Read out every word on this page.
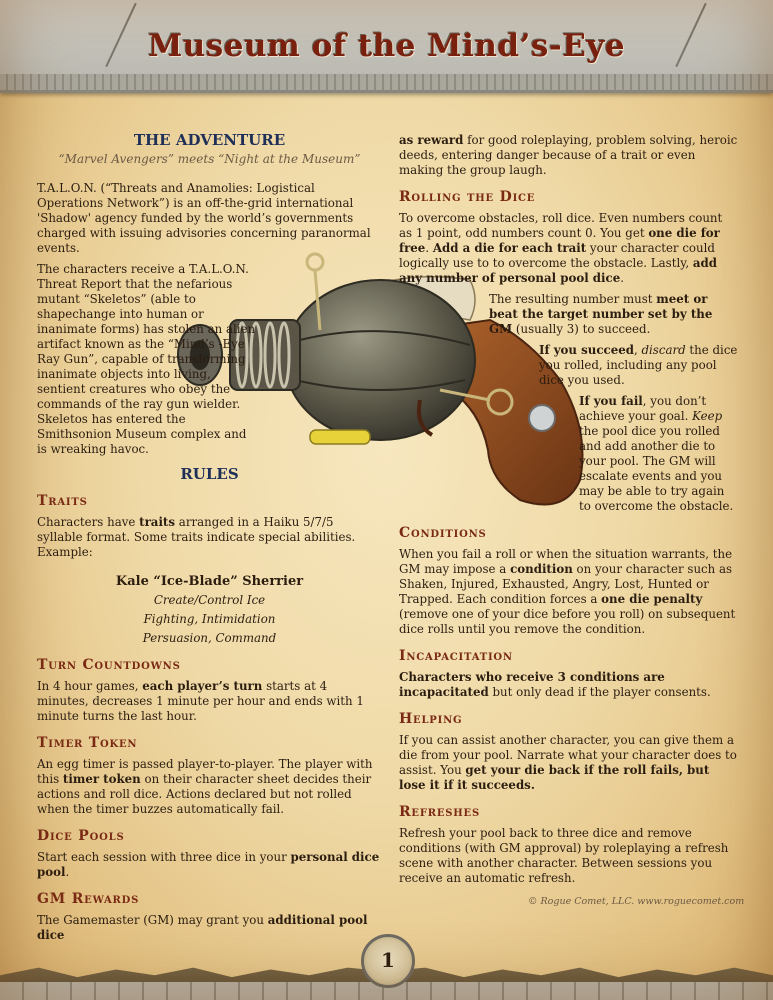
Museum of the Mind’s-Eye
THE ADVENTURE
“Marvel Avengers” meets “Night at the Museum”

T.A.L.O.N. (“Threats and Anamolies: Logistical Operations Network”) is an off-the-grid international 'Shadow' agency funded by the world’s governments charged with issuing advisories concerning paranormal events.

The characters receive a T.A.L.O.N. Threat Report that the nefarious mutant “Skeletos” (able to shapechange into human or inanimate forms) has stolen an alien artifact known as the “Mind’s -Eye Ray Gun”, capable of transforming inanimate objects into living, sentient creatures who obey the commands of the ray gun wielder. Skeletos has entered the Smithsonion Museum complex and is wreaking havoc.

RULES
Traits

Characters have traits arranged in a Haiku 5/7/5 syllable format. Some traits indicate special abilities. Example:

Kale “Ice-Blade” Sherrier
Create/Control Ice
Fighting, Intimidation
Persuasion, Command
Turn Countdowns

In 4 hour games, each player’s turn starts at 4 minutes, decreases 1 minute per hour and ends with 1 minute turns the last hour.

Timer Token

An egg timer is passed player-to-player. The player with this timer token on their character sheet decides their actions and roll dice. Actions declared but not rolled when the timer buzzes automatically fail.

Dice Pools

Start each session with three dice in your personal dice pool.

GM Rewards

The Gamemaster (GM) may grant you additional pool dice

as reward for good roleplaying, problem solving, heroic deeds, entering danger because of a trait or even making the group laugh.

Rolling the Dice

To overcome obstacles, roll dice. Even numbers count as 1 point, odd numbers count 0. You get one die for free. Add a die for each trait your character could logically use to to overcome the obstacle. Lastly, add any number of personal pool dice.

The resulting number must meet or beat the target number set by the GM (usually 3) to succeed.

If you succeed, discard the dice you rolled, including any pool dice you used.

If you fail, you don’t achieve your goal. Keep the pool dice you rolled and add another die to your pool. The GM will escalate events and you may be able to try again to overcome the obstacle.

Conditions

When you fail a roll or when the situation warrants, the GM may impose a condition on your character such as Shaken, Injured, Exhausted, Angry, Lost, Hunted or Trapped. Each condition forces a one die penalty (remove one of your dice before you roll) on subsequent dice rolls until you remove the condition.

Incapacitation

Characters who receive 3 conditions are incapacitated but only dead if the player consents.

Helping

If you can assist another character, you can give them a die from your pool. Narrate what your character does to assist. You get your die back if the roll fails, but lose it if it succeeds.

Refreshes

Refresh your pool back to three dice and remove conditions (with GM approval) by roleplaying a refresh scene with another character. Between sessions you receive an automatic refresh.

© Rogue Comet, LLC. www.roguecomet.com
1
